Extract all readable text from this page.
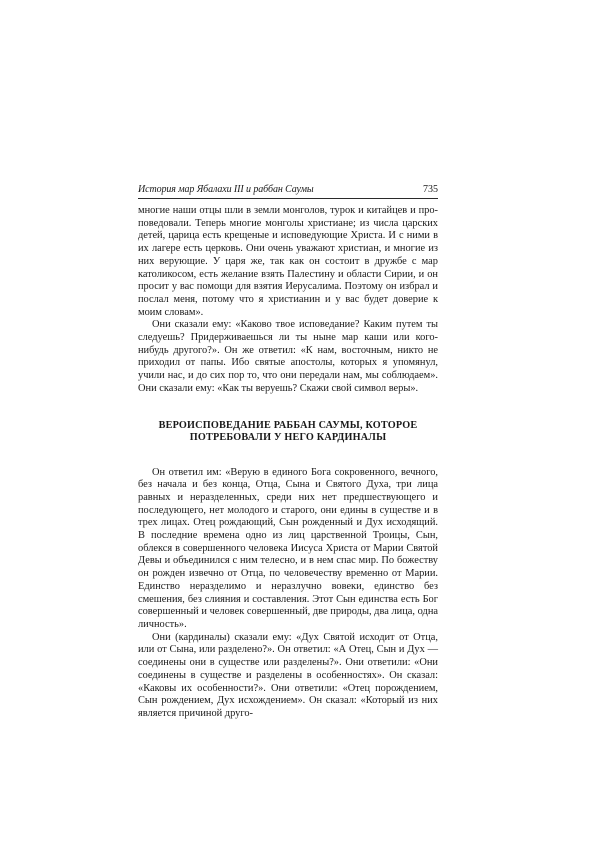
История мар Ябалахи III и раббан Саумы	735

многие наши отцы шли в земли монголов, турок и китайцев и проповедовали. Теперь многие монголы христиане; из числа царских детей, царица есть крещеные и исповедующие Христа. И с ними в их лагере есть церковь. Они очень уважают христиан, и многие из них верующие. У царя же, так как он состоит в дружбе с мар католикосом, есть желание взять Палестину и области Сирии, и он просит у вас помощи для взятия Иерусалима. Поэтому он избрал и послал меня, потому что я христианин и у вас будет доверие к моим словам».

Они сказали ему: «Каково твое исповедание? Каким путем ты следуешь? Придерживаешься ли ты ныне мар каши или кого-нибудь другого?». Он же ответил: «К нам, восточным, никто не приходил от папы. Ибо святые апостолы, которых я упомянул, учили нас, и до сих пор то, что они передали нам, мы соблюдаем». Они сказали ему: «Как ты веруешь? Скажи свой символ веры».

ВЕРОИСПОВЕДАНИЕ РАББАН САУМЫ, КОТОРОЕ
ПОТРЕБОВАЛИ У НЕГО КАРДИНАЛЫ

Он ответил им: «Верую в единого Бога сокровенного, вечного, без начала и без конца, Отца, Сына и Святого Духа, три лица равных и неразделенных, среди них нет предшествующего и последующего, нет молодого и старого, они едины в существе и в трех лицах. Отец рождающий, Сын рожденный и Дух исходящий. В последние времена одно из лиц царственной Троицы, Сын, облекся в совершенного человека Иисуса Христа от Марии Святой Девы и объединился с ним телесно, и в нем спас мир. По божеству он рожден извечно от Отца, по человечеству временно от Марии. Единство неразделимо и неразлучно вовеки, единство без смешения, без слияния и составления. Этот Сын единства есть Бог совершенный и человек совершенный, две природы, два лица, одна личность».

Они (кардиналы) сказали ему: «Дух Святой исходит от Отца, или от Сына, или разделено?». Он ответил: «А Отец, Сын и Дух — соединены они в существе или разделены?». Они ответили: «Они соединены в существе и разделены в особенностях». Он сказал: «Каковы их особенности?». Они ответили: «Отец порождением, Сын рождением, Дух исхождением». Он сказал: «Который из них является причиной друго-
